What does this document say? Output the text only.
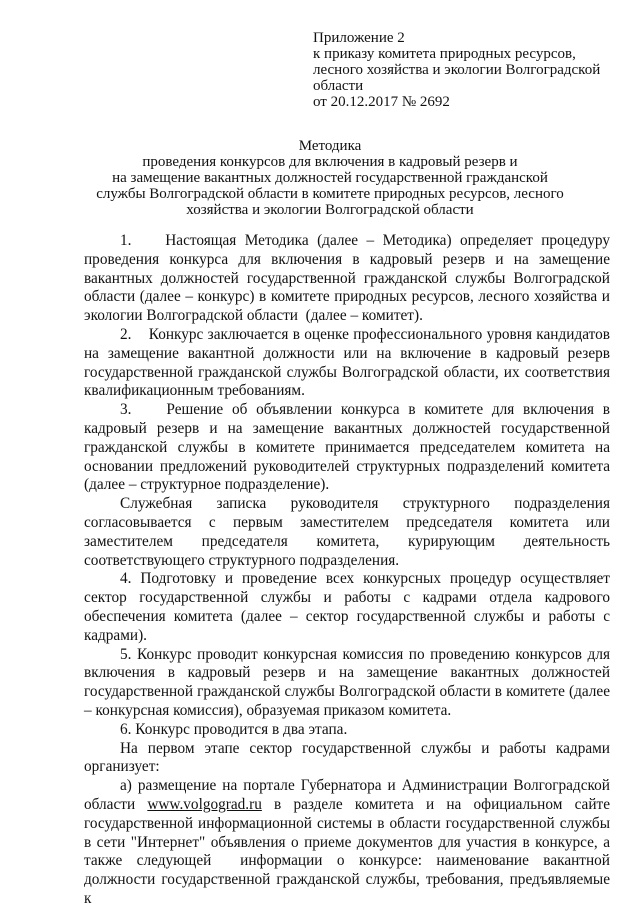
Приложение 2
к приказу комитета природных ресурсов,
лесного хозяйства и экологии Волгоградской
области
от 20.12.2017 № 2692
Методика
проведения конкурсов для включения в кадровый резерв и
на замещение вакантных должностей государственной гражданской
службы Волгоградской области в комитете природных ресурсов, лесного
хозяйства и экологии Волгоградской области

1.    Настоящая Методика (далее – Методика) определяет процедуру проведения конкурса для включения в кадровый резерв и на замещение вакантных должностей государственной гражданской службы Волгоградской области (далее – конкурс) в комитете природных ресурсов, лесного хозяйства и экологии Волгоградской области  (далее – комитет).

2.    Конкурс заключается в оценке профессионального уровня кандидатов на замещение вакантной должности или на включение в кадровый резерв государственной гражданской службы Волгоградской области, их соответствия квалификационным требованиям.

3.    Решение об объявлении конкурса в комитете для включения в кадровый резерв и на замещение вакантных должностей государственной гражданской службы в комитете принимается председателем комитета на основании предложений руководителей структурных подразделений комитета (далее – структурное подразделение).

Служебная записка руководителя структурного подразделения согласовывается с первым заместителем председателя комитета или заместителем председателя комитета, курирующим деятельность соответствующего структурного подразделения.

4. Подготовку и проведение всех конкурсных процедур осуществляет сектор государственной службы и работы с кадрами отдела кадрового обеспечения комитета (далее – сектор государственной службы и работы с кадрами).

5. Конкурс проводит конкурсная комиссия по проведению конкурсов для включения в кадровый резерв и на замещение вакантных должностей государственной гражданской службы Волгоградской области в комитете (далее – конкурсная комиссия), образуемая приказом комитета.

6. Конкурс проводится в два этапа.

На первом этапе сектор государственной службы и работы кадрами организует:

а) размещение на портале Губернатора и Администрации Волгоградской области www.volgograd.ru в разделе комитета и на официальном сайте государственной информационной системы в области государственной службы в сети "Интернет" объявления о приеме документов для участия в конкурсе, а также следующей  информации о конкурсе: наименование вакантной должности государственной гражданской службы, требования, предъявляемые к
